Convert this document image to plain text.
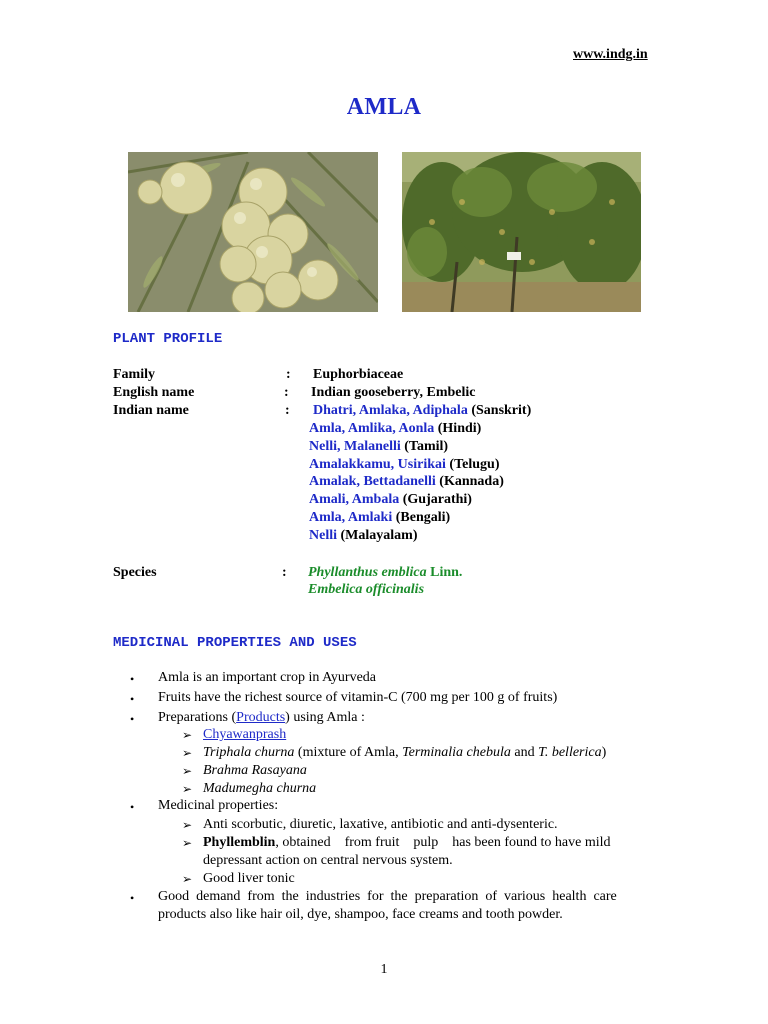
www.indg.in
AMLA
PLANT PROFILE
Family	: Euphorbiaceae
English name	: Indian gooseberry, Embelic
Indian name	: Dhatri, Amlaka, Adiphala (Sanskrit)
Amla, Amlika, Aonla (Hindi)
Nelli, Malanelli (Tamil)
Amalakkamu, Usirikai (Telugu)
Amalak, Bettadanelli (Kannada)
Amali, Ambala (Gujarathi)
Amla, Amlaki (Bengali)
Nelli (Malayalam)
Species	: Phyllanthus emblica Linn.
Embelica officinalis
MEDICINAL PROPERTIES AND USES
• Amla is an important crop in Ayurveda
• Fruits have the richest source of vitamin-C (700 mg per 100 g of fruits)
• Preparations (Products) using Amla :
➢ Chyawanprash
➢ Triphala churna (mixture of Amla, Terminalia chebula and T. bellerica)
➢ Brahma Rasayana
➢ Madumegha churna
• Medicinal properties:
➢ Anti scorbutic, diuretic, laxative, antibiotic and anti-dysenteric.
➢ Phyllemblin, obtained    from fruit    pulp    has been found to have mild
depressant action on central nervous system.
➢ Good liver tonic
• Good  demand  from  the  industries  for  the  preparation  of  various  health  care
products also like hair oil, dye, shampoo, face creams and tooth powder.
1
